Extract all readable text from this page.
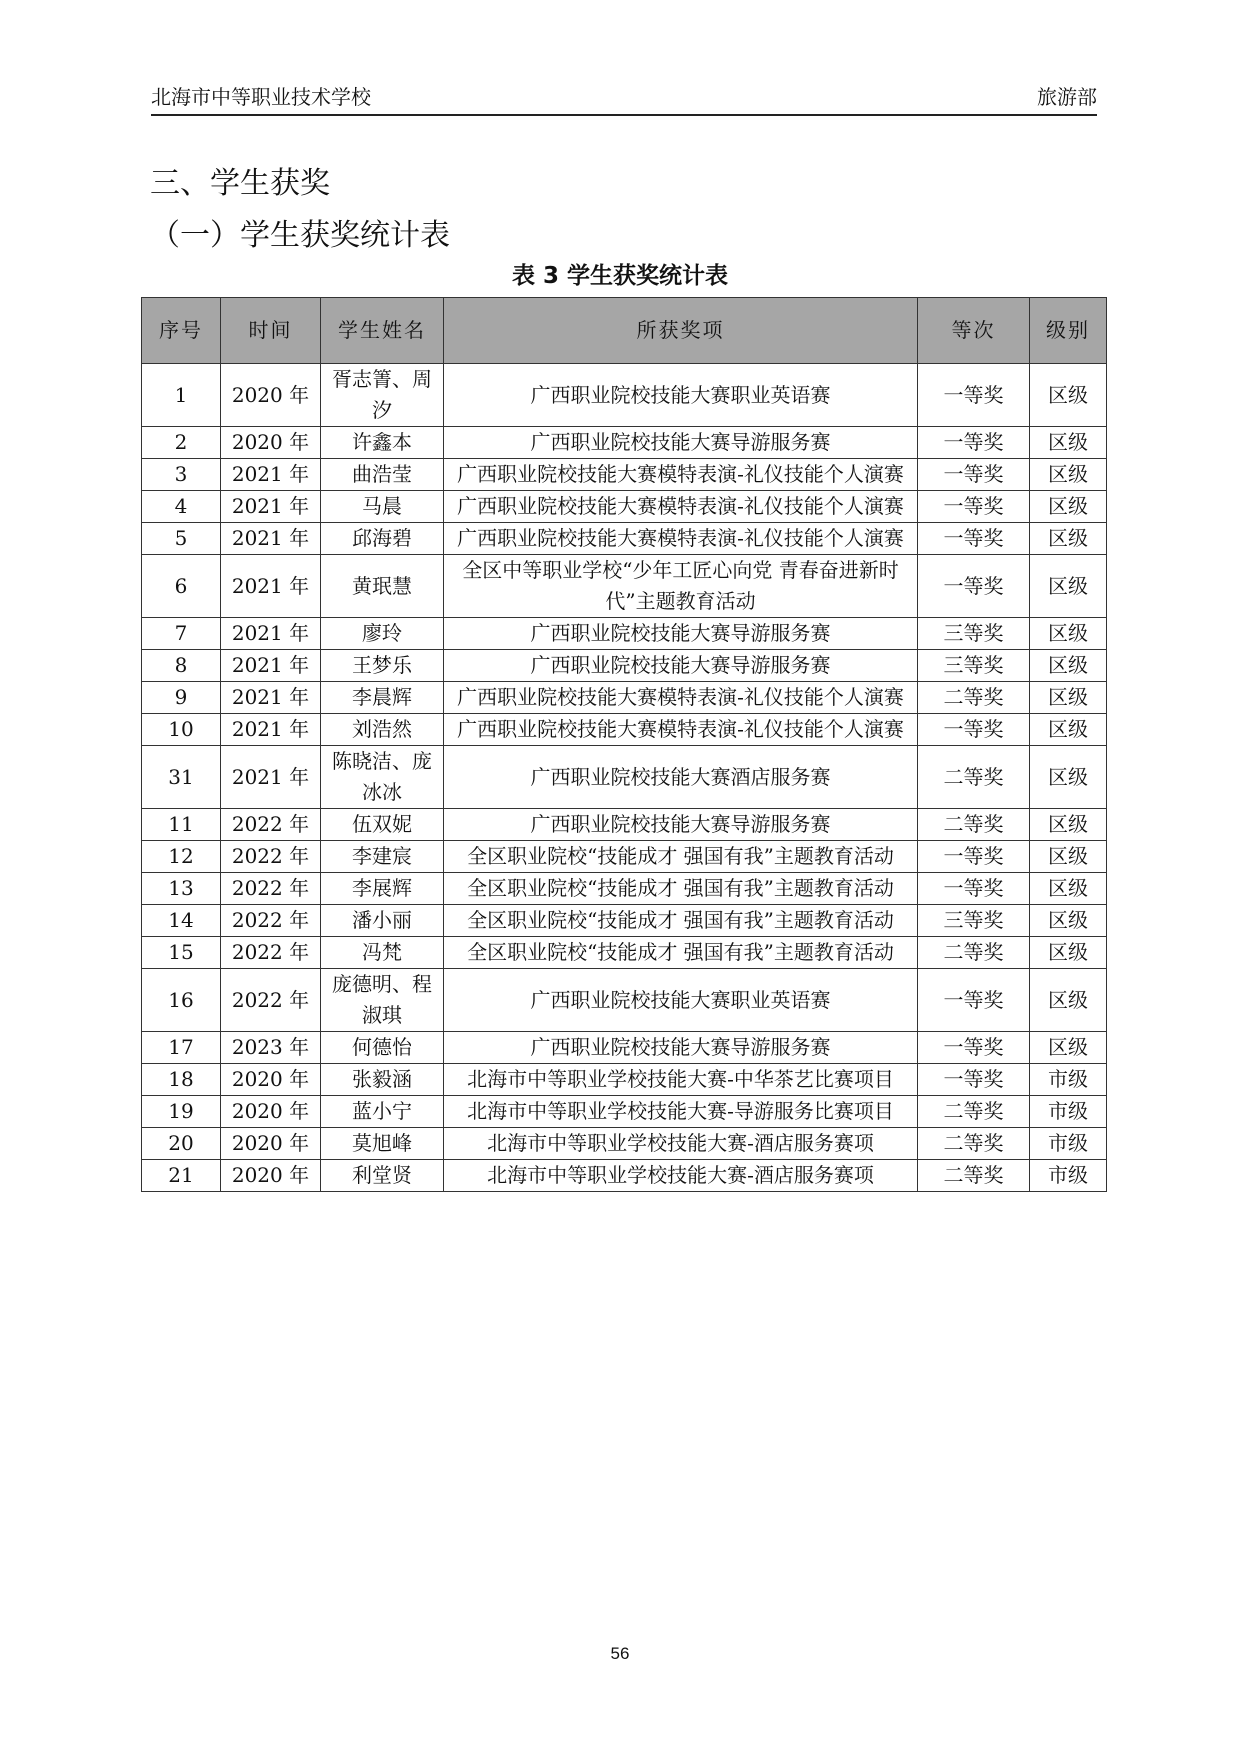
北海市中等职业技术学校	旅游部
三、学生获奖
（一）学生获奖统计表
表 3 学生获奖统计表
序号	时间	学生姓名	所获奖项	等次	级别
1	2020 年	胥志箐、周汐	广西职业院校技能大赛职业英语赛	一等奖	区级
2	2020 年	许鑫本	广西职业院校技能大赛导游服务赛	一等奖	区级
3	2021 年	曲浩莹	广西职业院校技能大赛模特表演-礼仪技能个人演赛	一等奖	区级
4	2021 年	马晨	广西职业院校技能大赛模特表演-礼仪技能个人演赛	一等奖	区级
5	2021 年	邱海碧	广西职业院校技能大赛模特表演-礼仪技能个人演赛	一等奖	区级
6	2021 年	黄珉慧	全区中等职业学校“少年工匠心向党 青春奋进新时代”主题教育活动	一等奖	区级
7	2021 年	廖玲	广西职业院校技能大赛导游服务赛	三等奖	区级
8	2021 年	王梦乐	广西职业院校技能大赛导游服务赛	三等奖	区级
9	2021 年	李晨辉	广西职业院校技能大赛模特表演-礼仪技能个人演赛	二等奖	区级
10	2021 年	刘浩然	广西职业院校技能大赛模特表演-礼仪技能个人演赛	一等奖	区级
31	2021 年	陈晓洁、庞冰冰	广西职业院校技能大赛酒店服务赛	二等奖	区级
11	2022 年	伍双妮	广西职业院校技能大赛导游服务赛	二等奖	区级
12	2022 年	李建宸	全区职业院校“技能成才 强国有我”主题教育活动	一等奖	区级
13	2022 年	李展辉	全区职业院校“技能成才 强国有我”主题教育活动	一等奖	区级
14	2022 年	潘小丽	全区职业院校“技能成才 强国有我”主题教育活动	三等奖	区级
15	2022 年	冯梵	全区职业院校“技能成才 强国有我”主题教育活动	二等奖	区级
16	2022 年	庞德明、程淑琪	广西职业院校技能大赛职业英语赛	一等奖	区级
17	2023 年	何德怡	广西职业院校技能大赛导游服务赛	一等奖	区级
18	2020 年	张毅涵	北海市中等职业学校技能大赛-中华茶艺比赛项目	一等奖	市级
19	2020 年	蓝小宁	北海市中等职业学校技能大赛-导游服务比赛项目	二等奖	市级
20	2020 年	莫旭峰	北海市中等职业学校技能大赛-酒店服务赛项	二等奖	市级
21	2020 年	利堂贤	北海市中等职业学校技能大赛-酒店服务赛项	二等奖	市级
56
